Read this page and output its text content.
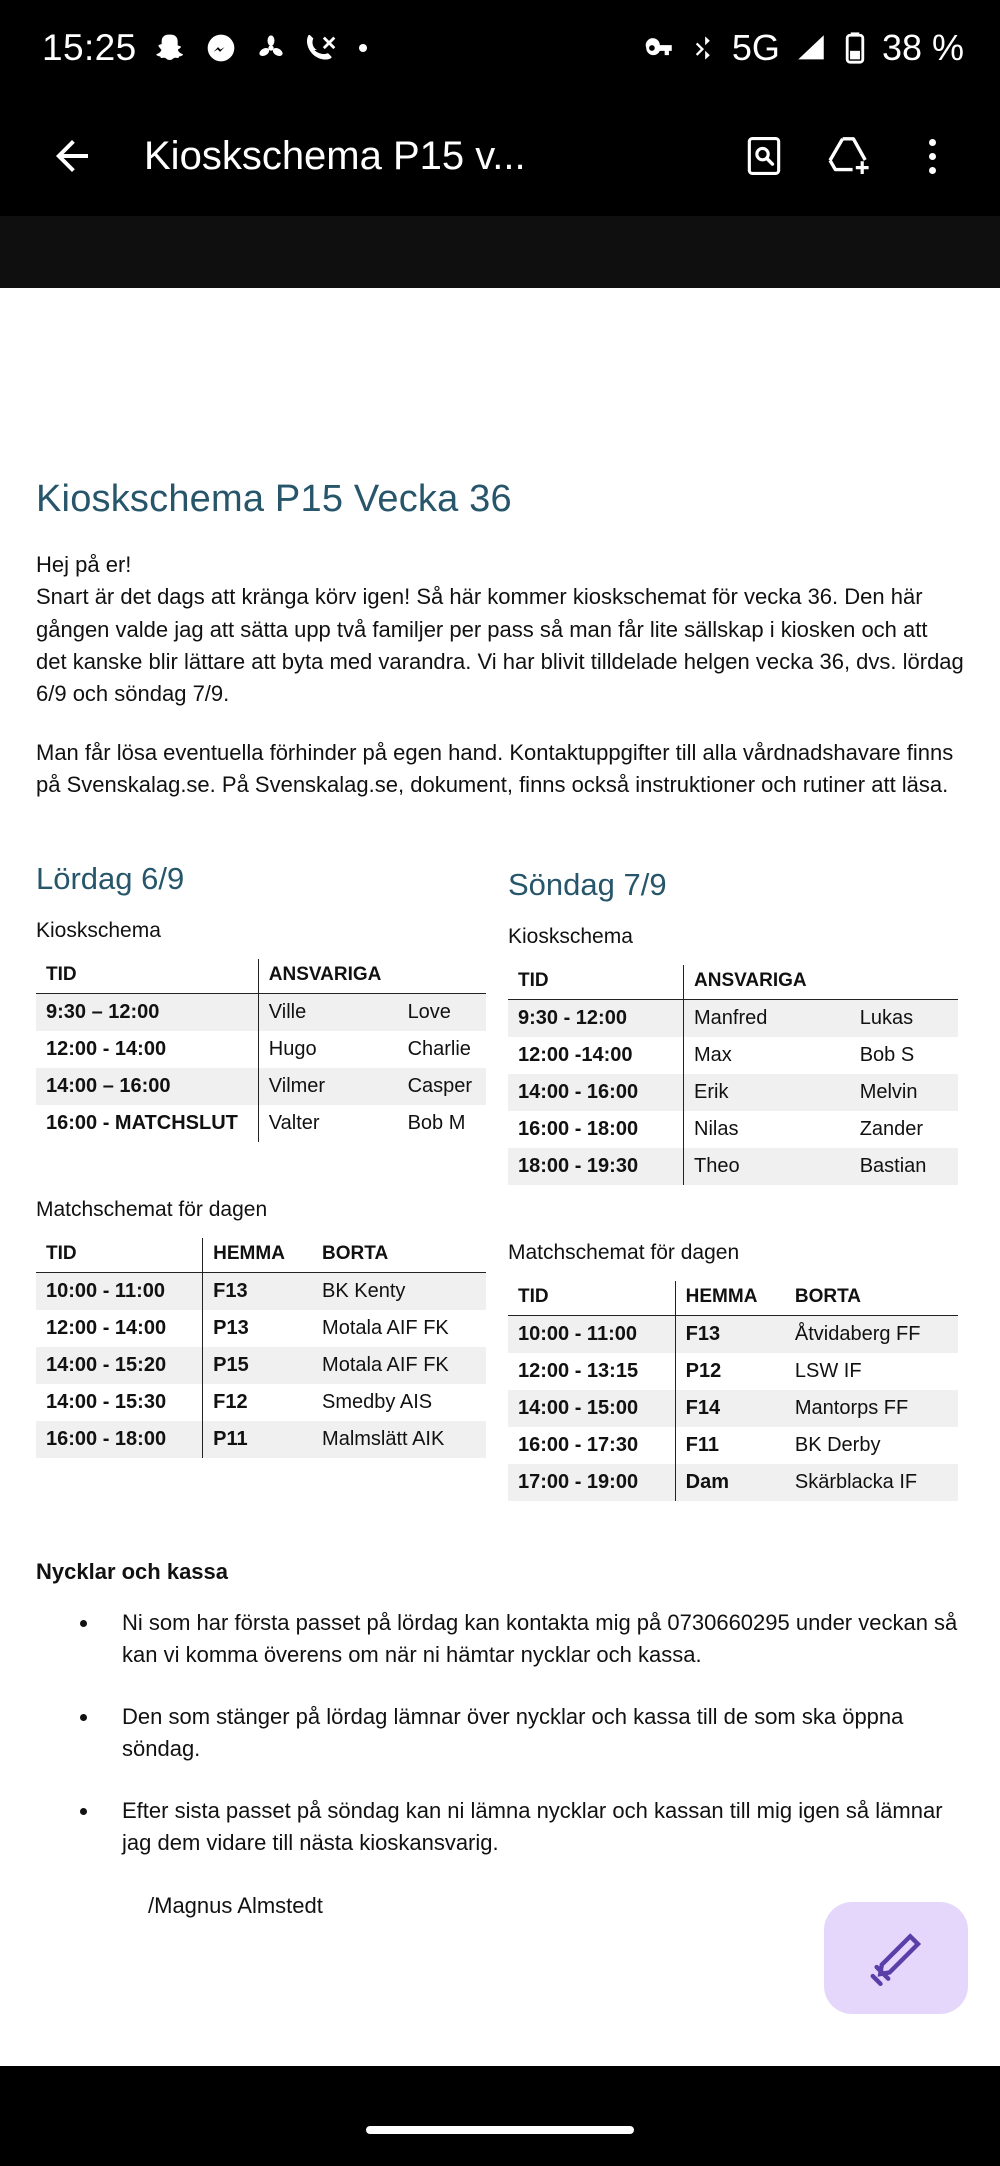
15:25	5G	38 %
Kioskschema P15 v...
Kioskschema P15 Vecka 36

Hej på er!

Snart är det dags att kränga körv igen! Så här kommer kioskschemat för vecka 36. Den här gången valde jag att sätta upp två familjer per pass så man får lite sällskap i kiosken och att det kanske blir lättare att byta med varandra. Vi har blivit tilldelade helgen vecka 36, dvs. lördag 6/9 och söndag 7/9.

Man får lösa eventuella förhinder på egen hand. Kontaktuppgifter till alla vårdnadshavare finns på Svenskalag.se. På Svenskalag.se, dokument, finns också instruktioner och rutiner att läsa.

Lördag 6/9
Kioskschema
TID	ANSVARIGA	
9:30 – 12:00	Ville	Love
12:00 - 14:00	Hugo	Charlie
14:00 – 16:00	Vilmer	Casper
16:00 - MATCHSLUT	Valter	Bob M
Matchschemat för dagen
TID	HEMMA	BORTA
10:00 - 11:00	F13	BK Kenty
12:00 - 14:00	P13	Motala AIF FK
14:00 - 15:20	P15	Motala AIF FK
14:00 - 15:30	F12	Smedby AIS
16:00 - 18:00	P11	Malmslätt AIK
Söndag 7/9
Kioskschema
TID	ANSVARIGA	
9:30 - 12:00	Manfred	Lukas
12:00 -14:00	Max	Bob S
14:00 - 16:00	Erik	Melvin
16:00 - 18:00	Nilas	Zander
18:00 - 19:30	Theo	Bastian
Matchschemat för dagen
TID	HEMMA	BORTA
10:00 - 11:00	F13	Åtvidaberg FF
12:00 - 13:15	P12	LSW IF
14:00 - 15:00	F14	Mantorps FF
16:00 - 17:30	F11	BK Derby
17:00 - 19:00	Dam	Skärblacka IF
Nycklar och kassa
• Ni som har första passet på lördag kan kontakta mig på 0730660295 under veckan så kan vi komma överens om när ni hämtar nycklar och kassa.
• Den som stänger på lördag lämnar över nycklar och kassa till de som ska öppna söndag.
• Efter sista passet på söndag kan ni lämna nycklar och kassan till mig igen så lämnar jag dem vidare till nästa kioskansvarig.
/Magnus Almstedt
